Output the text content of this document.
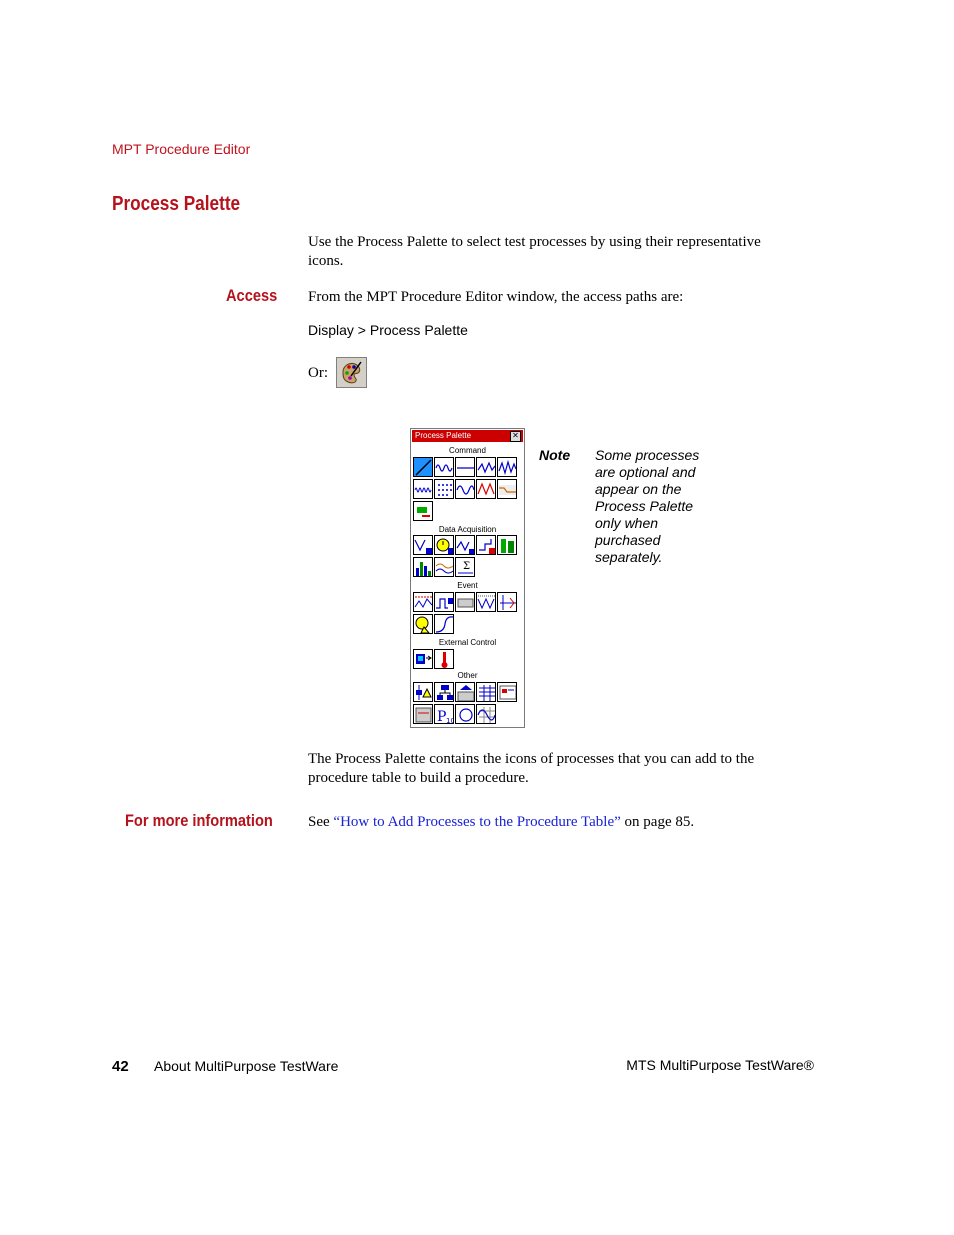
MPT Procedure Editor
Process Palette
Use the Process Palette to select test processes by using their representative icons.
Access From the MPT Procedure Editor window, the access paths are:
Display > Process Palette
Or:
Process Palette	✕
Command
Data Acquisition
Σ
Event
External Control
Other
P 10
Note Some processes
are optional and
appear on the
Process Palette
only when
purchased
separately.
The Process Palette contains the icons of processes that you can add to the
procedure table to build a procedure.
For more information See “How to Add Processes to the Procedure Table” on page 85.
42 About MultiPurpose TestWare	MTS MultiPurpose TestWare®
